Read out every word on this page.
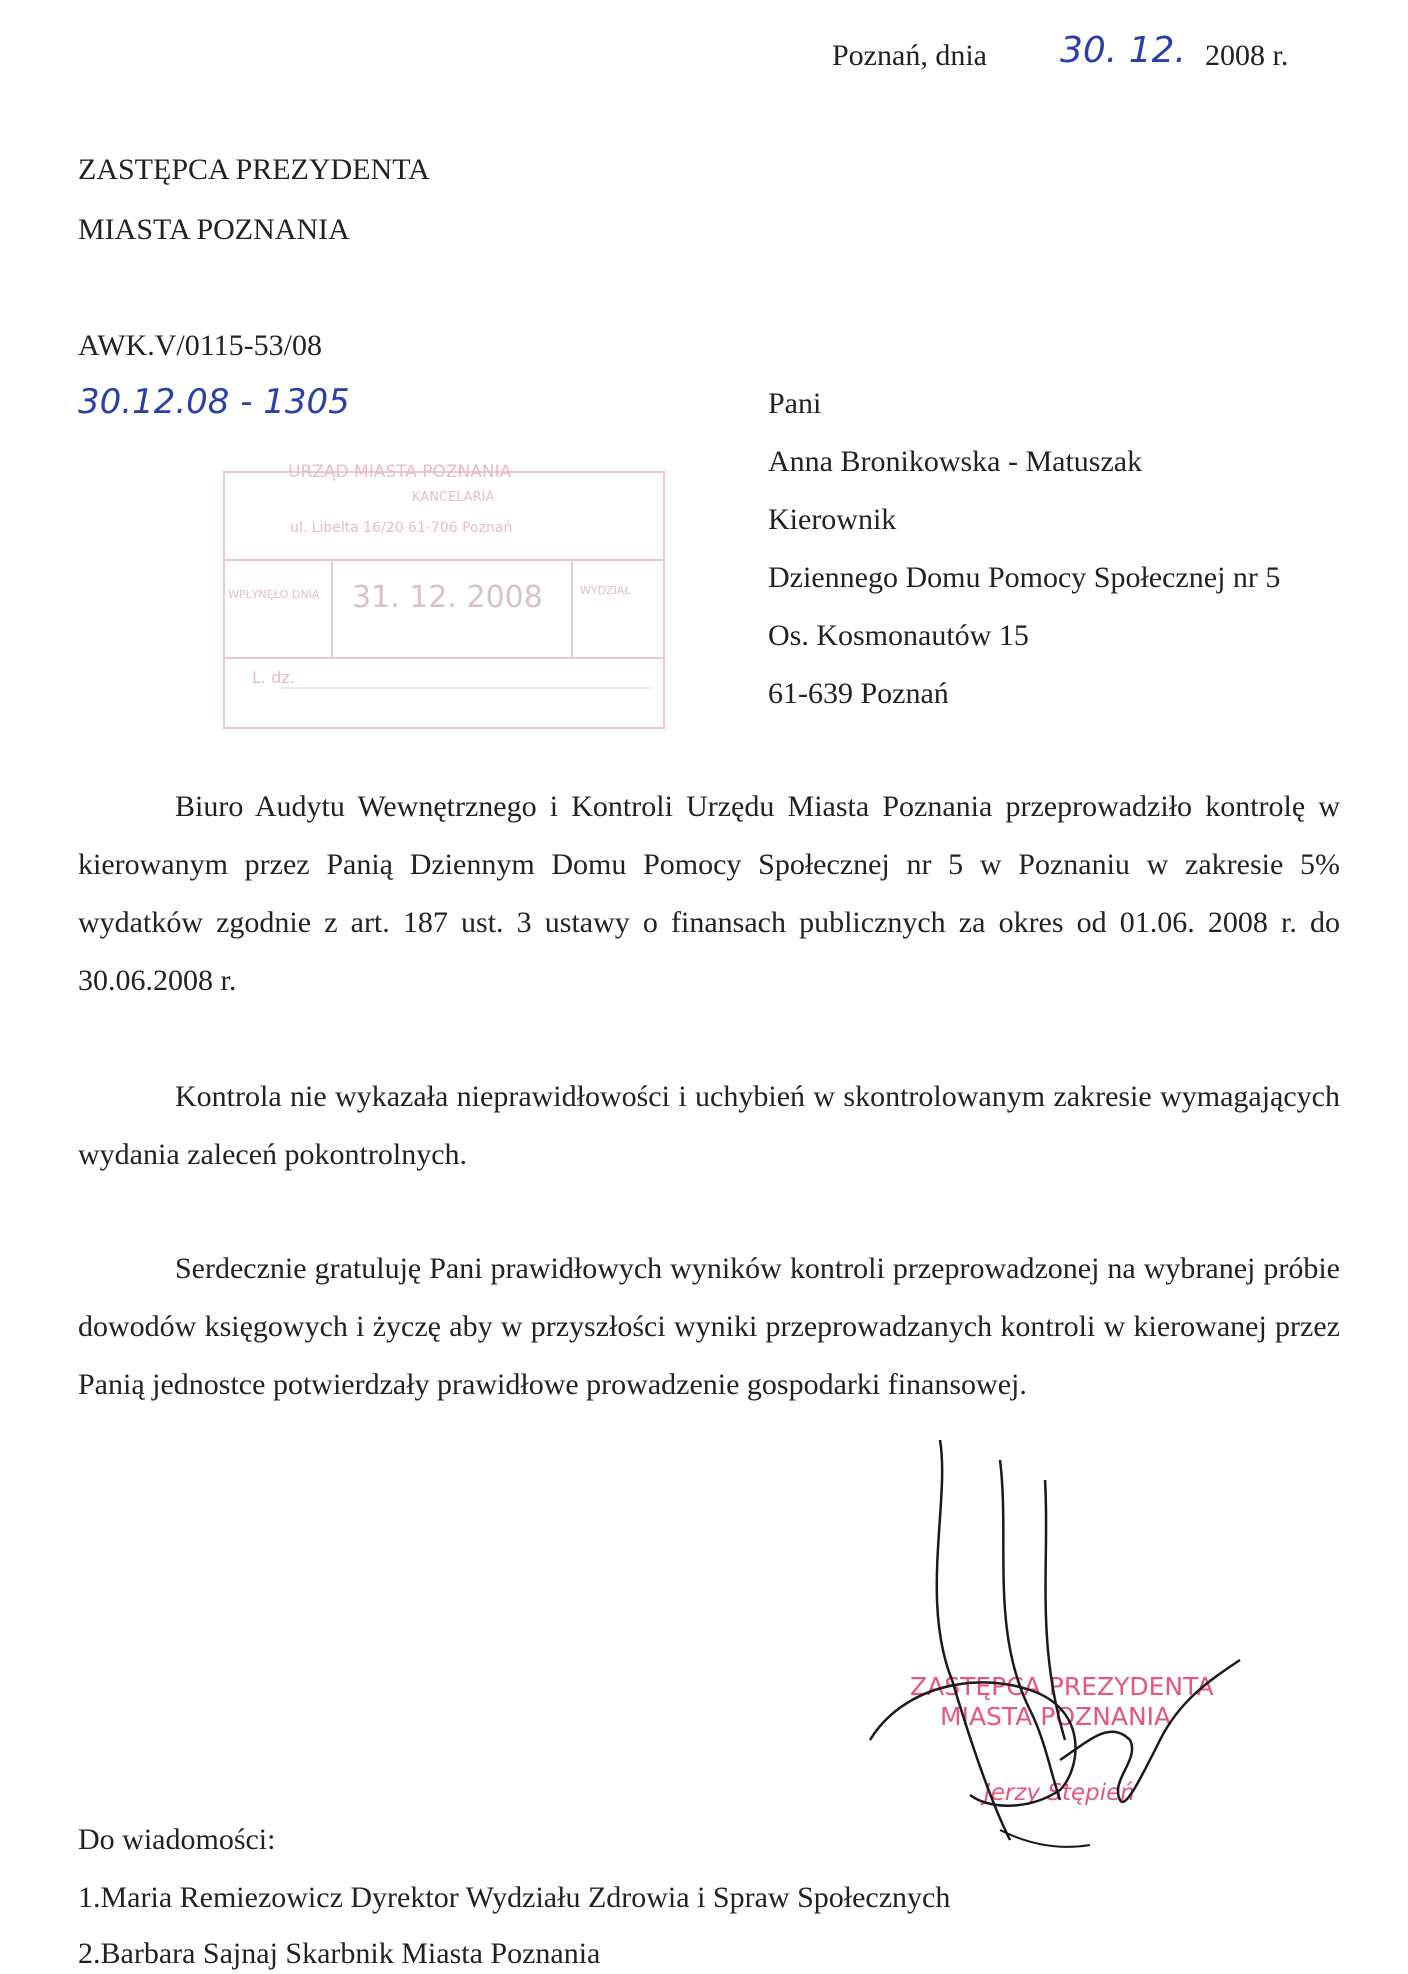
Poznań, dnia 30. 12. 2008 r.
ZASTĘPCA PREZYDENTA
MIASTA POZNANIA
AWK.V/0115-53/08
30.12.08 - 1305
URZĄD MIASTA POZNANIA
KANCELARIA
ul. Libelta 16/20 61-706 Poznań
WPŁYNĘŁO DNIA 31. 12. 2008	WYDZIAŁ
L. dz.
Pani
Anna Bronikowska - Matuszak
Kierownik
Dziennego Domu Pomocy Społecznej nr 5
Os. Kosmonautów 15
61-639 Poznań

Biuro Audytu Wewnętrznego i Kontroli Urzędu Miasta Poznania przeprowadziło kontrolę w kierowanym przez Panią Dziennym Domu Pomocy Społecznej nr 5 w Poznaniu w zakresie 5% wydatków zgodnie z art. 187 ust. 3 ustawy o finansach publicznych za okres od 01.06. 2008 r. do 30.06.2008 r.

Kontrola nie wykazała nieprawidłowości i uchybień w skontrolowanym zakresie wymagających wydania zaleceń pokontrolnych.

Serdecznie gratuluję Pani prawidłowych wyników kontroli przeprowadzonej na wybranej próbie dowodów księgowych i życzę aby w przyszłości wyniki przeprowadzanych kontroli w kierowanej przez Panią jednostce potwierdzały prawidłowe prowadzenie gospodarki finansowej.

ZASTĘPCA PREZYDENTA
MIASTA POZNANIA
Jerzy Stępień
Do wiadomości:
1.Maria Remiezowicz Dyrektor Wydziału Zdrowia i Spraw Społecznych
2.Barbara Sajnaj Skarbnik Miasta Poznania
